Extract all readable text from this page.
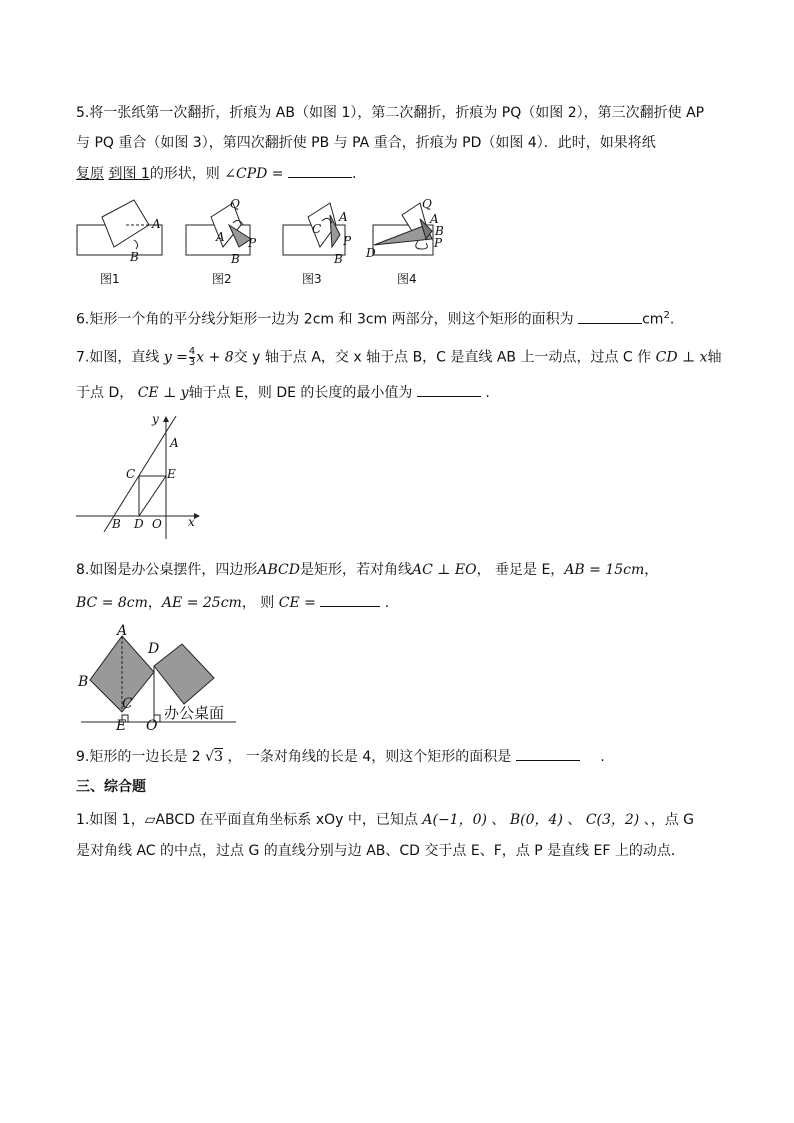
5.将一张纸第一次翻折，折痕为 AB（如图 1），第二次翻折，折痕为 PQ（如图 2），第三次翻折使 AP
与 PQ 重合（如图 3），第四次翻折使 PB 与 PA 重合，折痕为 PD（如图 4）．此时，如果将纸
复原 到图 1的形状，则 ∠CPD =	.
A
B
图1
Q
A P
B
图2
A
C
P
B
图3
Q
A
B
P
D
图4
6.矩形一个角的平分线分矩形一边为 2cm 和 3cm 两部分，则这个矩形的面积为	$cm^2$.
7.如图，直线 $y = \frac{4}{3}$ x + 8交 y 轴于点 A，交 x 轴于点 B，C 是直线 AB 上一动点，过点 C 作 CD ⊥ x轴
于点 D， CE ⊥ y轴于点 E，则 DE 的长度的最小值为	.
y
A
C	E
B D O x
8.如图是办公桌摆件，四边形ABCD是矩形，若对角线AC ⊥ EO， 垂足是 E，AB = 15cm，
BC = 8cm，AE = 25cm， 则 CE =	.
A
D
B
C
E O
办公桌面
9.矩形的一边长是 2 √3 ， 一条对角线的长是 4，则这个矩形的面积是	.
三、综合题
1.如图 1，▱ABCD 在平面直角坐标系 xOy 中，已知点 A(−1，0) 、 B(0，4) 、 C(3，2) 、，点 G
是对角线 AC 的中点，过点 G 的直线分别与边 AB、CD 交于点 E、F，点 P 是直线 EF 上的动点．
